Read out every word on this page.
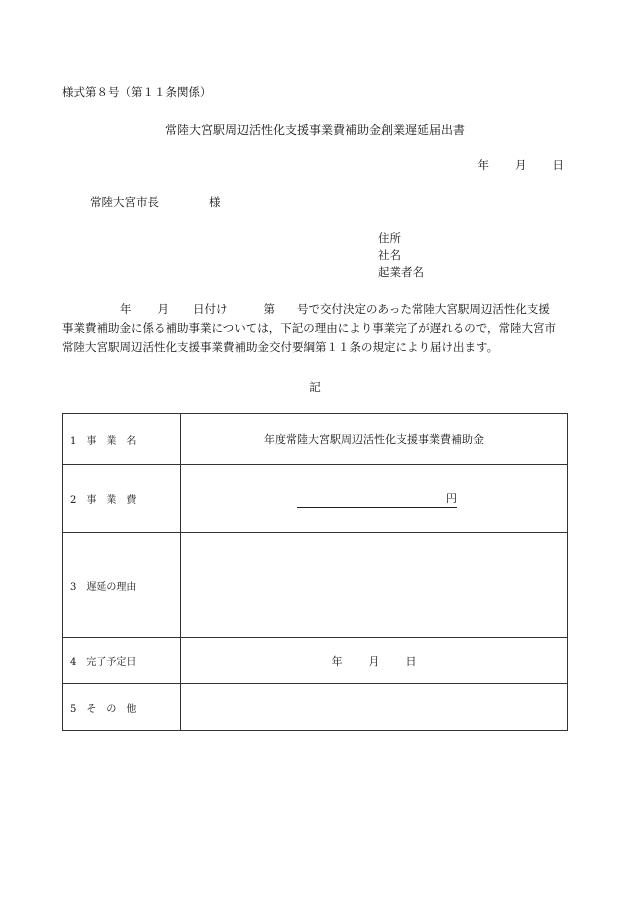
様式第８号（第１１条関係）
常陸大宮駅周辺活性化支援事業費補助金創業遅延届出書
年 月 日
常陸大宮市長	様
住所
社名
起業者名
年 月 日付け	第 号で交付決定のあった常陸大宮駅周辺活性化支援
事業費補助金に係る補助事業については，下記の理由により事業完了が遅れるので，常陸大宮市
常陸大宮駅周辺活性化支援事業費補助金交付要綱第１１条の規定により届け出ます。
記
1　事　業　名	年度常陸大宮駅周辺活性化支援事業費補助金
2　事　業　費	円
3　遅延の理由	
4　完了予定日	年 月 日
5　そ　の　他	
